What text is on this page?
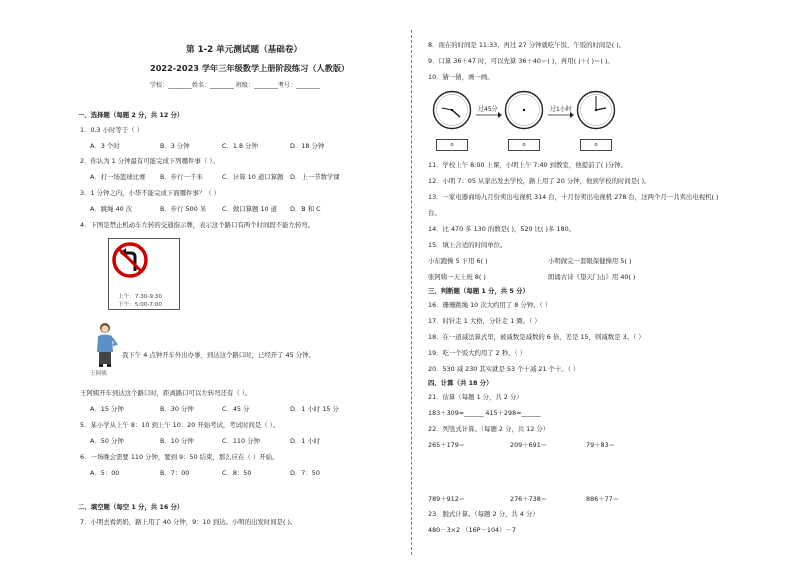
第 1-2 单元测试题（基础卷）
2022-2023 学年三年级数学上册阶段练习（人教版）
学校：________姓名：________ 班级：________考号：________
一、选择题（每题 2 分，共 12 分）
1．0.3 小时等于（ ）
A．3 个时	B．3 分钟	C．1.8 分钟	D．18 分钟
2．你认为 1 分钟最有可能完成下列哪件事（ ）。
A．打一场篮球比赛 B．步行一千米	C．计算 10 道口算题 D．上一节数学课
3．1 分钟之内，小华不能完成下面哪件事？（ ）
A．跳绳 40 次	B．步行 500 米 C．做口算题 10 道 D．B 和 C
4．下图是禁止机动车左转的交通指示牌，表示这个路口有两个时间段不能左转弯。
上午：7:30-9:30
下午：5:00-7:00
我下午 4 点钟开车外出办事，到达这个路口时，已经开了 45 分钟。
王阿姨
王阿姨开车到达这个路口时，距离路口可以左转弯还有（ ）。
A．15 分钟	B．30 分钟	C．45 分	D．1 小时 15 分
5．某小学从上午 8：10 到上午 10：20 开始考试，考试时间是（ ）。
A．50 分钟	B．10 分钟	C．110 分钟	D．1 小时
6．一场晚会需要 110 分钟，要到 9：50 结束，那么应在（ ）开始。
A．5：00	B．7：00	C．8：50	D．7：50
二、填空题（每空 1 分，共 16 分）
7．小明去看奶奶，路上用了 40 分钟，9：10 到达。小明的出发时间是( )。
8．现在的时间是 11:33，再过 27 分钟就吃午饭，午饭的时间是( )。
9．口算 36＋47 时，可以先算 36＋40＝( )，再用( )＋( )＝( )。
10．猜一猜，画一画。
过45分	过1小时
o	o	o
11．学校上午 8:00 上课，小明上午 7:40 到教室，他提前了( )分钟。
12．小明 7：05 从家出发去学校，路上用了 20 分钟，他到学校的时间是( )。
13．一家电器商场九月份卖出电视机 314 台，十月份卖出电视机 278 台，这两个月一共卖出电视机( )
台。
14．比 470 多 130 的数是( )，520 比( )多 180。
15．填上合适的时间单位。
小东跑操 5 下用 6( )	小明做完一套眼保健操用 5( )
张阿姨一天上班 8( )	朗诵古诗《望天门山》用 40( )
三、判断题（每题 1 分，共 5 分）
16．珊珊跳绳 10 次大约用了 8 分钟。（ ）
17．时针走 1 大格，分针走 1 圈。（ ）
18．在一道减法算式里，被减数是减数的 6 倍，差是 15，则减数是 3。（ ）
19．吃一个饭大约用了 2 秒。（ ）
20．530 减 230 其实就是 53 个十减 21 个十。（ ）
四、计算（共 18 分）
21．估算（每题 1 分，共 2 分）
183＋309≈______ 415＋298≈______
22．列竖式计算。（每题 2 分，共 12 分）
265＋179＝	209＋691＝	79＋83＝
789＋912＝	276＋738＝	886＋77＝
23．脱式计算。（每题 2 分，共 4 分）
480－3×2 （16P－104）－7
